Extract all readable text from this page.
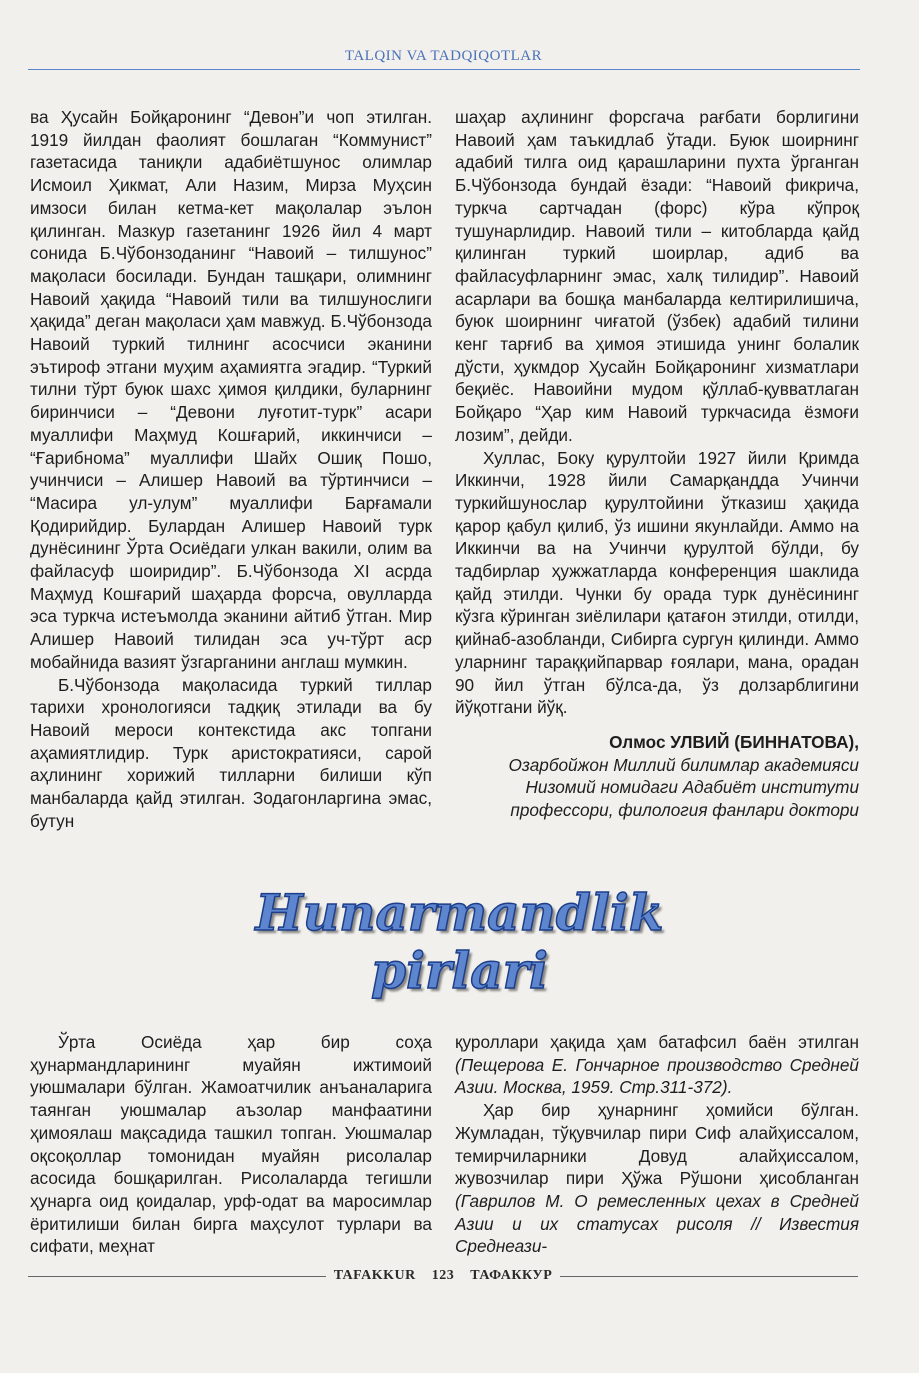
TALQIN VA TADQIQOTLAR

ва Ҳусайн Бойқаронинг “Девон”и чоп этилган. 1919 йилдан фаолият бошлаган “Коммунист” газетасида таниқли адабиётшунос олимлар Исмоил Ҳикмат, Али Назим, Мирза Муҳсин имзоси билан кетма-кет мақолалар эълон қилинган. Мазкур газетанинг 1926 йил 4 март сонида Б.Чўбонзоданинг “Навоий – тилшунос” мақоласи босилади. Бундан ташқари, олимнинг Навоий ҳақида “Навоий тили ва тилшунослиги ҳақида” деган мақоласи ҳам мавжуд. Б.Чўбонзода Навоий туркий тилнинг асосчиси эканини эътироф этгани муҳим аҳамиятга эгадир. “Туркий тилни тўрт буюк шахс ҳимоя қилдики, буларнинг биринчиси – “Девони луғотит-турк” асари муаллифи Маҳмуд Кошғарий, иккинчиси – “Ғарибнома” муаллифи Шайх Ошиқ Пошо, учинчиси – Алишер Навоий ва тўртинчиси – “Масира ул-улум” муаллифи Барғамали Қодирийдир. Булардан Алишер Навоий турк дунёсининг Ўрта Осиёдаги улкан вакили, олим ва файласуф шоиридир”. Б.Чўбонзода XI асрда Маҳмуд Кошғарий шаҳарда форсча, овулларда эса туркча истеъмолда эканини айтиб ўтган. Мир Алишер Навоий тилидан эса уч-тўрт аср мобайнида вазият ўзгарганини англаш мумкин.

Б.Чўбонзода мақоласида туркий тиллар тарихи хронологияси тадқиқ этилади ва бу Навоий мероси контекстида акс топгани аҳамиятлидир. Турк аристократияси, сарой аҳлининг хорижий тилларни билиши кўп манбаларда қайд этилган. Зодагонларгина эмас, бутун

шаҳар аҳлининг форсгача рағбати борлигини Навоий ҳам таъкидлаб ўтади. Буюк шоирнинг адабий тилга оид қарашларини пухта ўрганган Б.Чўбонзода бундай ёзади: “Навоий фикрича, туркча сартчадан (форс) кўра кўпроқ тушунарлидир. Навоий тили – китобларда қайд қилинган туркий шоирлар, адиб ва файласуфларнинг эмас, халқ тилидир”. Навоий асарлари ва бошқа манбаларда келтирилишича, буюк шоирнинг чиғатой (ўзбек) адабий тилини кенг тарғиб ва ҳимоя этишида унинг болалик дўсти, ҳукмдор Ҳусайн Бойқаронинг хизматлари беқиёс. Навоийни мудом қўллаб-қувватлаган Бойқаро “Ҳар ким Навоий туркчасида ёзмоғи лозим”, дейди.

Хуллас, Боку қурултойи 1927 йили Қримда Иккинчи, 1928 йили Самарқандда Учинчи туркийшунослар қурултойини ўтказиш ҳақида қарор қабул қилиб, ўз ишини якунлайди. Аммо на Иккинчи ва на Учинчи қурултой бўлди, бу тадбирлар ҳужжатларда конференция шаклида қайд этилди. Чунки бу орада турк дунёсининг кўзга кўринган зиёлилари қатағон этилди, отилди, қийнаб-азобланди, Сибирга сургун қилинди. Аммо уларнинг тараққийпарвар ғоялари, мана, орадан 90 йил ўтган бўлса-да, ўз долзарблигини йўқотгани йўқ.

Олмос УЛВИЙ (БИННАТОВА),
Озарбойжон Миллий билимлар академияси
Низомий номидаги Адабиёт институти
профессори, филология фанлари доктори
Hunarmandlik
pirlari

Ўрта Осиёда ҳар бир соҳа ҳунармандларининг муайян ижтимоий уюшмалари бўлган. Жамоатчилик анъаналарига таянган уюшмалар аъзолар манфаатини ҳимоялаш мақсадида ташкил топган. Уюшмалар оқсоқоллар томонидан муайян рисолалар асосида бошқарилган. Рисолаларда тегишли ҳунарга оид қоидалар, урф-одат ва маросимлар ёритилиши билан бирга маҳсулот турлари ва сифати, меҳнат

қуроллари ҳақида ҳам батафсил баён этилган (Пещерова Е. Гончарное производство Средней Азии. Москва, 1959. Стр.311-372).

Ҳар бир ҳунарнинг ҳомийси бўлган. Жумладан, тўқувчилар пири Сиф алайҳиссалом, темирчиларники Довуд алайҳиссалом, жувозчилар пири Ҳўжа Рўшони ҳисобланган (Гаврилов М. О ремесленных цехах в Средней Азии и их статусах рисоля // Известия Среднеази-

TAFAKKUR 123 ТАФАККУР
